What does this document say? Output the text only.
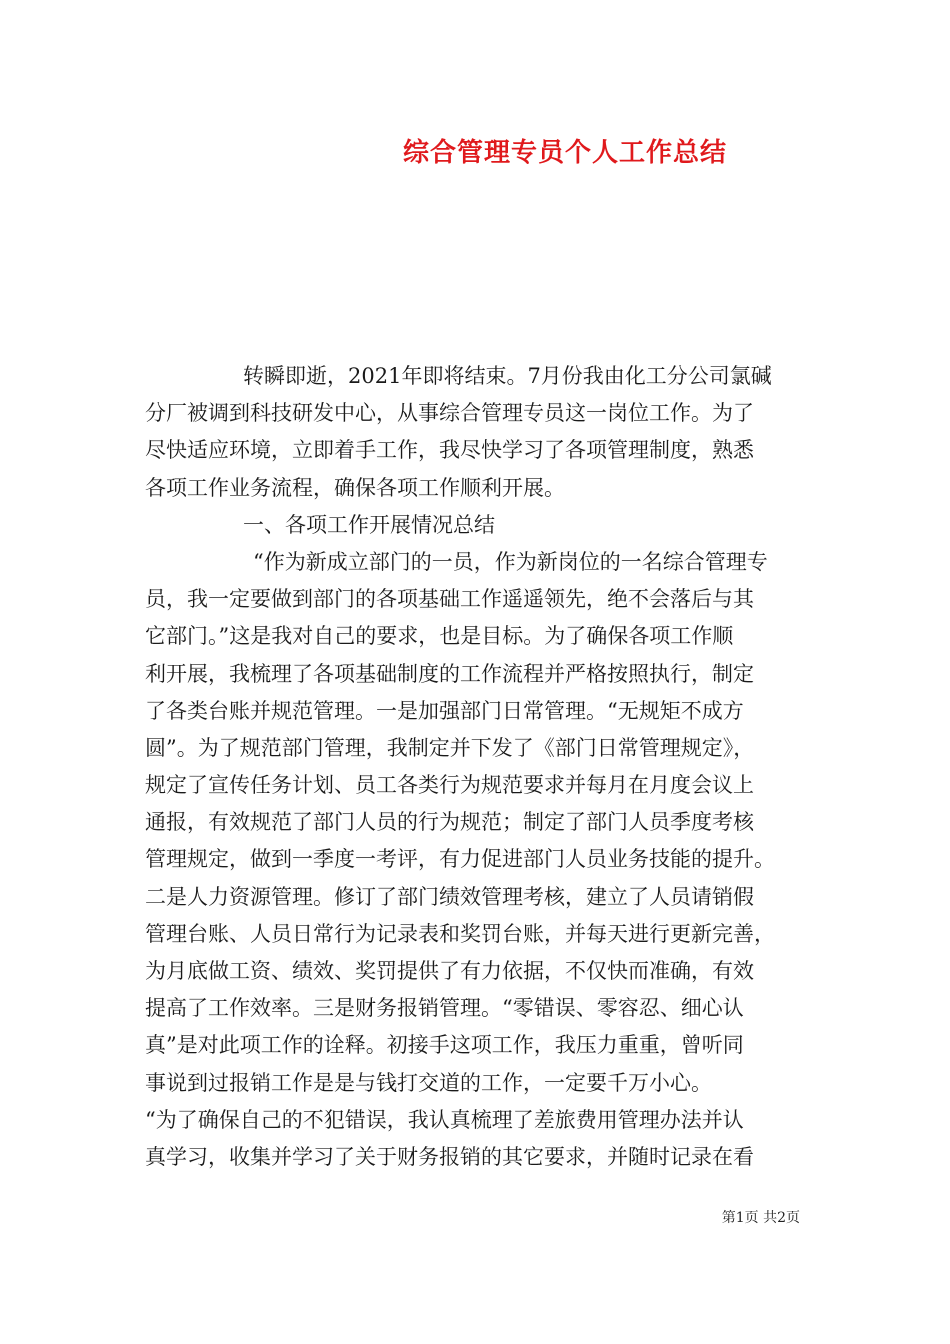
综合管理专员个人工作总结
转瞬即逝，2021年即将结束。7月份我由化工分公司氯碱
分厂被调到科技研发中心，从事综合管理专员这一岗位工作。为了
尽快适应环境，立即着手工作，我尽快学习了各项管理制度，熟悉
各项工作业务流程，确保各项工作顺利开展。
一、各项工作开展情况总结
“作为新成立部门的一员，作为新岗位的一名综合管理专
员，我一定要做到部门的各项基础工作遥遥领先，绝不会落后与其
它部门。”这是我对自己的要求，也是目标。为了确保各项工作顺
利开展，我梳理了各项基础制度的工作流程并严格按照执行，制定
了各类台账并规范管理。一是加强部门日常管理。“无规矩不成方
圆”。为了规范部门管理，我制定并下发了《部门日常管理规定》，
规定了宣传任务计划、员工各类行为规范要求并每月在月度会议上
通报，有效规范了部门人员的行为规范；制定了部门人员季度考核
管理规定，做到一季度一考评，有力促进部门人员业务技能的提升。
二是人力资源管理。修订了部门绩效管理考核，建立了人员请销假
管理台账、人员日常行为记录表和奖罚台账，并每天进行更新完善，
为月底做工资、绩效、奖罚提供了有力依据，不仅快而准确，有效
提高了工作效率。三是财务报销管理。“零错误、零容忍、细心认
真”是对此项工作的诠释。初接手这项工作，我压力重重，曾听同
事说到过报销工作是是与钱打交道的工作，一定要千万小心。
“为了确保自己的不犯错误，我认真梳理了差旅费用管理办法并认
真学习，收集并学习了关于财务报销的其它要求，并随时记录在看
第1页 共2页
